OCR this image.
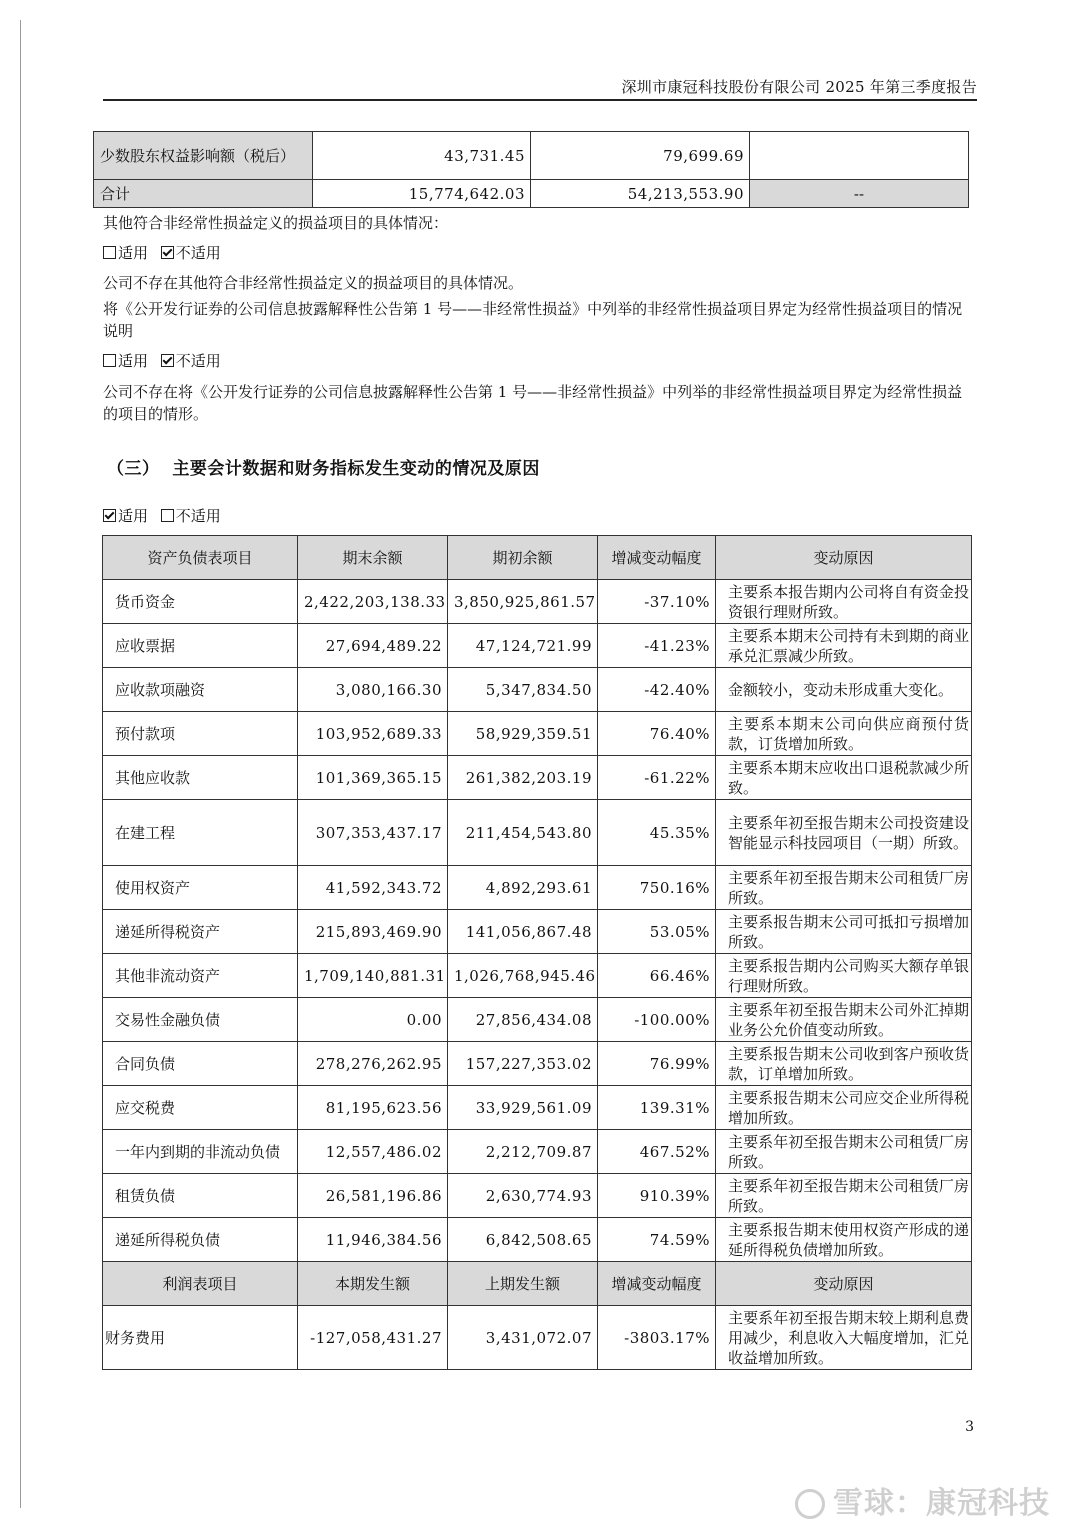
深圳市康冠科技股份有限公司 2025 年第三季度报告
少数股东权益影响额（税后）	43,731.45	79,699.69	
合计	15,774,642.03	54,213,553.90	--
其他符合非经常性损益定义的损益项目的具体情况：
适用 不适用
公司不存在其他符合非经常性损益定义的损益项目的具体情况。
将《公开发行证券的公司信息披露解释性公告第 1 号——非经常性损益》中列举的非经常性损益项目界定为经常性损益项目的情况说明
适用 不适用
公司不存在将《公开发行证券的公司信息披露解释性公告第 1 号——非经常性损益》中列举的非经常性损益项目界定为经常性损益的项目的情形。
（三） 主要会计数据和财务指标发生变动的情况及原因
适用 不适用
资产负债表项目	期末余额	期初余额	增减变动幅度	变动原因
货币资金	2,422,203,138.33	3,850,925,861.57	-37.10%	主要系本报告期内公司将自有资金投资银行理财所致。
应收票据	27,694,489.22	47,124,721.99	-41.23%	主要系本期末公司持有未到期的商业承兑汇票减少所致。
应收款项融资	3,080,166.30	5,347,834.50	-42.40%	金额较小，变动未形成重大变化。
预付款项	103,952,689.33	58,929,359.51	76.40%	主要系本期末公司向供应商预付货款，订货增加所致。
其他应收款	101,369,365.15	261,382,203.19	-61.22%	主要系本期末应收出口退税款减少所致。
在建工程	307,353,437.17	211,454,543.80	45.35%	主要系年初至报告期末公司投资建设智能显示科技园项目（一期）所致。
使用权资产	41,592,343.72	4,892,293.61	750.16%	主要系年初至报告期末公司租赁厂房所致。
递延所得税资产	215,893,469.90	141,056,867.48	53.05%	主要系报告期末公司可抵扣亏损增加所致。
其他非流动资产	1,709,140,881.31	1,026,768,945.46	66.46%	主要系报告期内公司购买大额存单银行理财所致。
交易性金融负债	0.00	27,856,434.08	-100.00%	主要系年初至报告期末公司外汇掉期业务公允价值变动所致。
合同负债	278,276,262.95	157,227,353.02	76.99%	主要系报告期末公司收到客户预收货款，订单增加所致。
应交税费	81,195,623.56	33,929,561.09	139.31%	主要系报告期末公司应交企业所得税增加所致。
一年内到期的非流动负债	12,557,486.02	2,212,709.87	467.52%	主要系年初至报告期末公司租赁厂房所致。
租赁负债	26,581,196.86	2,630,774.93	910.39%	主要系年初至报告期末公司租赁厂房所致。
递延所得税负债	11,946,384.56	6,842,508.65	74.59%	主要系报告期末使用权资产形成的递延所得税负债增加所致。
利润表项目	本期发生额	上期发生额	增减变动幅度	变动原因
财务费用	-127,058,431.27	3,431,072.07	-3803.17%	主要系年初至报告期末较上期利息费用减少，利息收入大幅度增加，汇兑收益增加所致。
3
雪球：康冠科技
